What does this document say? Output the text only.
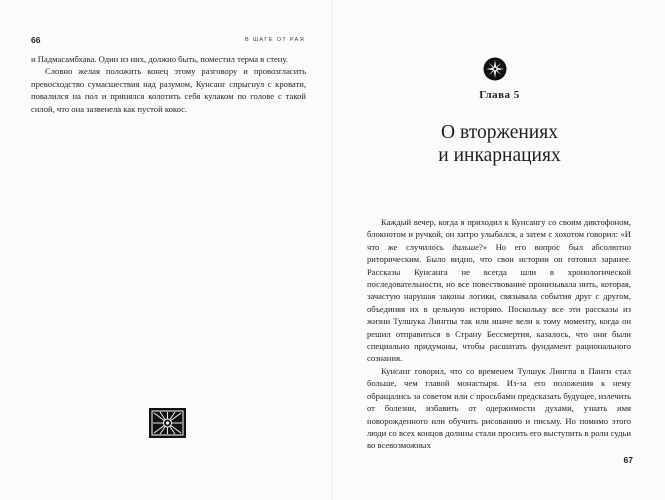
66	В ШАГЕ ОТ РАЯ

и Падмасамбхава. Один из них, должно быть, поместил терма в стену.

Словно желая положить конец этому разговору и провозгласить превосходство сумасшествия над разумом, Кунсанг спрыгнул с кровати, повалился на пол и принялся колотить себя кулаком по голове с такой силой, что она зазвенела как пустой кокос.

Глава 5
О вторжениях
и инкарнациях

Каждый вечер, когда я приходил к Кунсангу со своим диктофоном, блокнотом и ручкой, он хитро улыбался, а затем с хохотом говорил: «И что же случилось дальше?» Но его вопрос был абсолютно риторическим. Было видно, что свои истории он готовил заранее. Рассказы Кунсанга не всегда шли в хронологической последовательности, но все повествование пронизывала нить, которая, зачастую нарушая законы логики, связывала события друг с другом, объединяя их в цельную историю. Поскольку все эти рассказы из жизни Тулшука Лингпы так или иначе вели к тому моменту, когда он решил отправиться в Страну Бессмертия, казалось, что они были специально придуманы, чтобы расшатать фундамент рационального сознания.

Кунсанг говорил, что со временем Тулшук Лингпа в Панги стал больше, чем главой монастыря. Из-за его положения к нему обращались за советом или с просьбами предсказать будущее, излечить от болезни, избавить от одержимости духами, узнать имя новорожденного или обучить рисованию и письму. Но помимо этого люди со всех концов долины стали просить его выступить в роли судьи во всевозможных

67
